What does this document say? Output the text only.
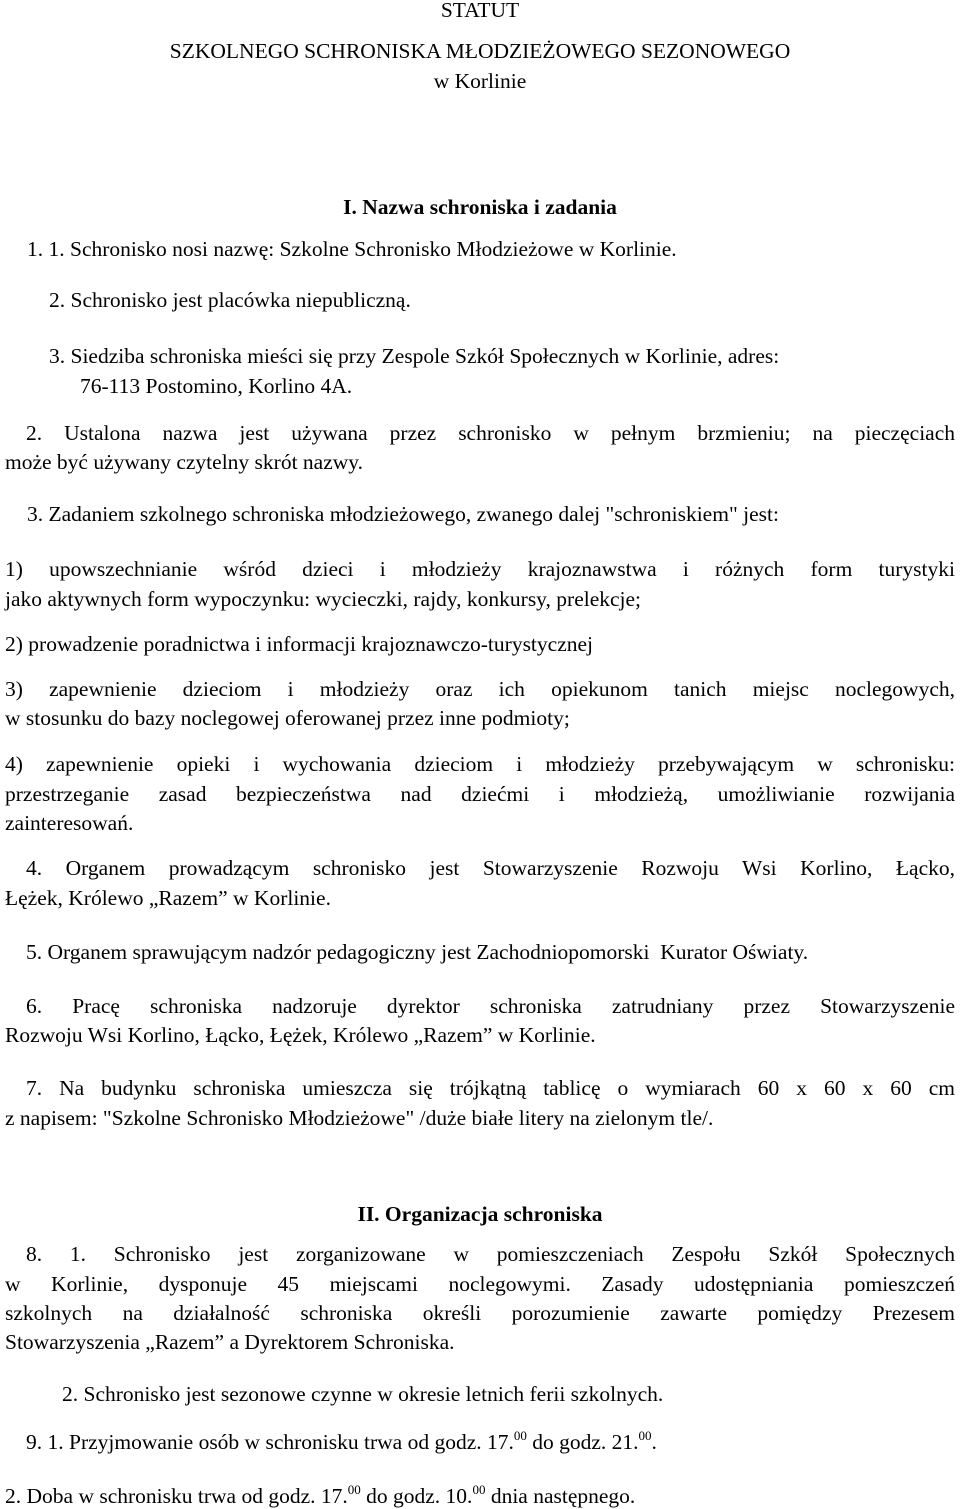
STATUT
SZKOLNEGO SCHRONISKA MŁODZIEŻOWEGO SEZONOWEGO
w Korlinie
I. Nazwa schroniska i zadania
1. 1. Schronisko nosi nazwę: Szkolne Schronisko Młodzieżowe w Korlinie.
2. Schronisko jest placówka niepubliczną.
3. Siedziba schroniska mieści się przy Zespole Szkół Społecznych w Korlinie, adres:
76-113 Postomino, Korlino 4A.
2. Ustalona nazwa jest używana przez schronisko w pełnym brzmieniu; na pieczęciach
może być używany czytelny skrót nazwy.
3. Zadaniem szkolnego schroniska młodzieżowego, zwanego dalej "schroniskiem" jest:
1) upowszechnianie wśród dzieci i młodzieży krajoznawstwa i różnych form turystyki
jako aktywnych form wypoczynku: wycieczki, rajdy, konkursy, prelekcje;
2) prowadzenie poradnictwa i informacji krajoznawczo-turystycznej
3) zapewnienie dzieciom i młodzieży oraz ich opiekunom tanich miejsc noclegowych,
w stosunku do bazy noclegowej oferowanej przez inne podmioty;
4) zapewnienie opieki i wychowania dzieciom i młodzieży przebywającym w schronisku:
przestrzeganie zasad bezpieczeństwa nad dziećmi i młodzieżą, umożliwianie rozwijania
zainteresowań.
4. Organem prowadzącym schronisko jest Stowarzyszenie Rozwoju Wsi Korlino, Łącko,
Łężek, Królewo „Razem” w Korlinie.
5. Organem sprawującym nadzór pedagogiczny jest Zachodniopomorski  Kurator Oświaty.
6. Pracę schroniska nadzoruje dyrektor schroniska zatrudniany przez Stowarzyszenie
Rozwoju Wsi Korlino, Łącko, Łężek, Królewo „Razem” w Korlinie.
7. Na budynku schroniska umieszcza się trójkątną tablicę o wymiarach 60 x 60 x 60 cm
z napisem: "Szkolne Schronisko Młodzieżowe" /duże białe litery na zielonym tle/.
II. Organizacja schroniska
8. 1. Schronisko jest zorganizowane w pomieszczeniach Zespołu Szkół Społecznych
w Korlinie, dysponuje 45 miejscami noclegowymi. Zasady udostępniania pomieszczeń
szkolnych na działalność schroniska określi porozumienie zawarte pomiędzy Prezesem
Stowarzyszenia „Razem” a Dyrektorem Schroniska.
2. Schronisko jest sezonowe czynne w okresie letnich ferii szkolnych.
9. 1. Przyjmowanie osób w schronisku trwa od godz. 17.00 do godz. 21.00.
2. Doba w schronisku trwa od godz. 17.00 do godz. 10.00 dnia następnego.
